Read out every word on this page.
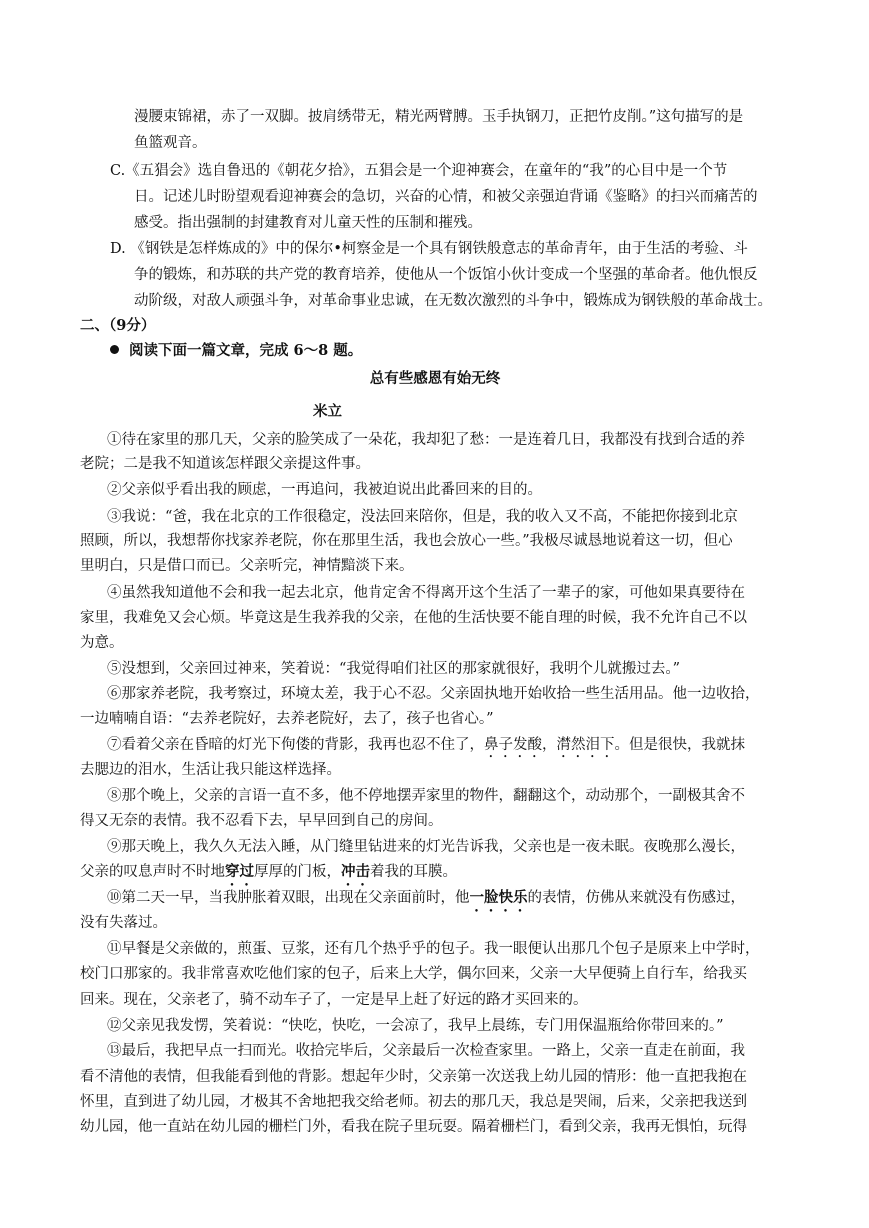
漫腰束锦裙，赤了一双脚。披肩绣带无，精光两臂膊。玉手执钢刀，正把竹皮削。”这句描写的是
鱼篮观音。
C.《五猖会》选自鲁迅的《朝花夕拾》，五猖会是一个迎神赛会，在童年的“我”的心目中是一个节
日。记述儿时盼望观看迎神赛会的急切，兴奋的心情，和被父亲强迫背诵《鉴略》的扫兴而痛苦的
感受。指出强制的封建教育对儿童天性的压制和摧残。
D. 《钢铁是怎样炼成的》中的保尔•柯察金是一个具有钢铁般意志的革命青年，由于生活的考验、斗
争的锻炼，和苏联的共产党的教育培养，使他从一个饭馆小伙计变成一个坚强的革命者。他仇恨反
动阶级，对敌人顽强斗争，对革命事业忠诚，在无数次激烈的斗争中，锻炼成为钢铁般的革命战士。
二、（9分）
阅读下面一篇文章，完成 6～8 题。
总有些感恩有始无终
米立
①待在家里的那几天，父亲的脸笑成了一朵花，我却犯了愁：一是连着几日，我都没有找到合适的养
老院；二是我不知道该怎样跟父亲提这件事。
②父亲似乎看出我的顾虑，一再追问，我被迫说出此番回来的目的。
③我说：“爸，我在北京的工作很稳定，没法回来陪你，但是，我的收入又不高，不能把你接到北京
照顾，所以，我想帮你找家养老院，你在那里生活，我也会放心一些。”我极尽诚恳地说着这一切，但心
里明白，只是借口而已。父亲听完，神情黯淡下来。
④虽然我知道他不会和我一起去北京，他肯定舍不得离开这个生活了一辈子的家，可他如果真要待在
家里，我难免又会心烦。毕竟这是生我养我的父亲，在他的生活快要不能自理的时候，我不允许自己不以
为意。
⑤没想到，父亲回过神来，笑着说：“我觉得咱们社区的那家就很好，我明个儿就搬过去。”
⑥那家养老院，我考察过，环境太差，我于心不忍。父亲固执地开始收拾一些生活用品。他一边收拾，
一边喃喃自语：“去养老院好，去养老院好，去了，孩子也省心。”
⑦看着父亲在昏暗的灯光下佝偻的背影，我再也忍不住了，鼻子发酸，潸然泪下。但是很快，我就抹
去腮边的泪水，生活让我只能这样选择。
⑧那个晚上，父亲的言语一直不多，他不停地摆弄家里的物件，翻翻这个，动动那个，一副极其舍不
得又无奈的表情。我不忍看下去，早早回到自己的房间。
⑨那天晚上，我久久无法入睡，从门缝里钻进来的灯光告诉我，父亲也是一夜未眠。夜晚那么漫长，
父亲的叹息声时不时地穿过厚厚的门板，冲击着我的耳膜。
⑩第二天一早，当我肿胀着双眼，出现在父亲面前时，他一脸快乐的表情，仿佛从来就没有伤感过，
没有失落过。
⑪早餐是父亲做的，煎蛋、豆浆，还有几个热乎乎的包子。我一眼便认出那几个包子是原来上中学时，
校门口那家的。我非常喜欢吃他们家的包子，后来上大学，偶尔回来，父亲一大早便骑上自行车，给我买
回来。现在，父亲老了，骑不动车子了，一定是早上赶了好远的路才买回来的。
⑫父亲见我发愣，笑着说：“快吃，快吃，一会凉了，我早上晨练，专门用保温瓶给你带回来的。”
⑬最后，我把早点一扫而光。收拾完毕后，父亲最后一次检查家里。一路上，父亲一直走在前面，我
看不清他的表情，但我能看到他的背影。想起年少时，父亲第一次送我上幼儿园的情形：他一直把我抱在
怀里，直到进了幼儿园，才极其不舍地把我交给老师。初去的那几天，我总是哭闹，后来，父亲把我送到
幼儿园，他一直站在幼儿园的栅栏门外，看我在院子里玩耍。隔着栅栏门，看到父亲，我再无惧怕，玩得
